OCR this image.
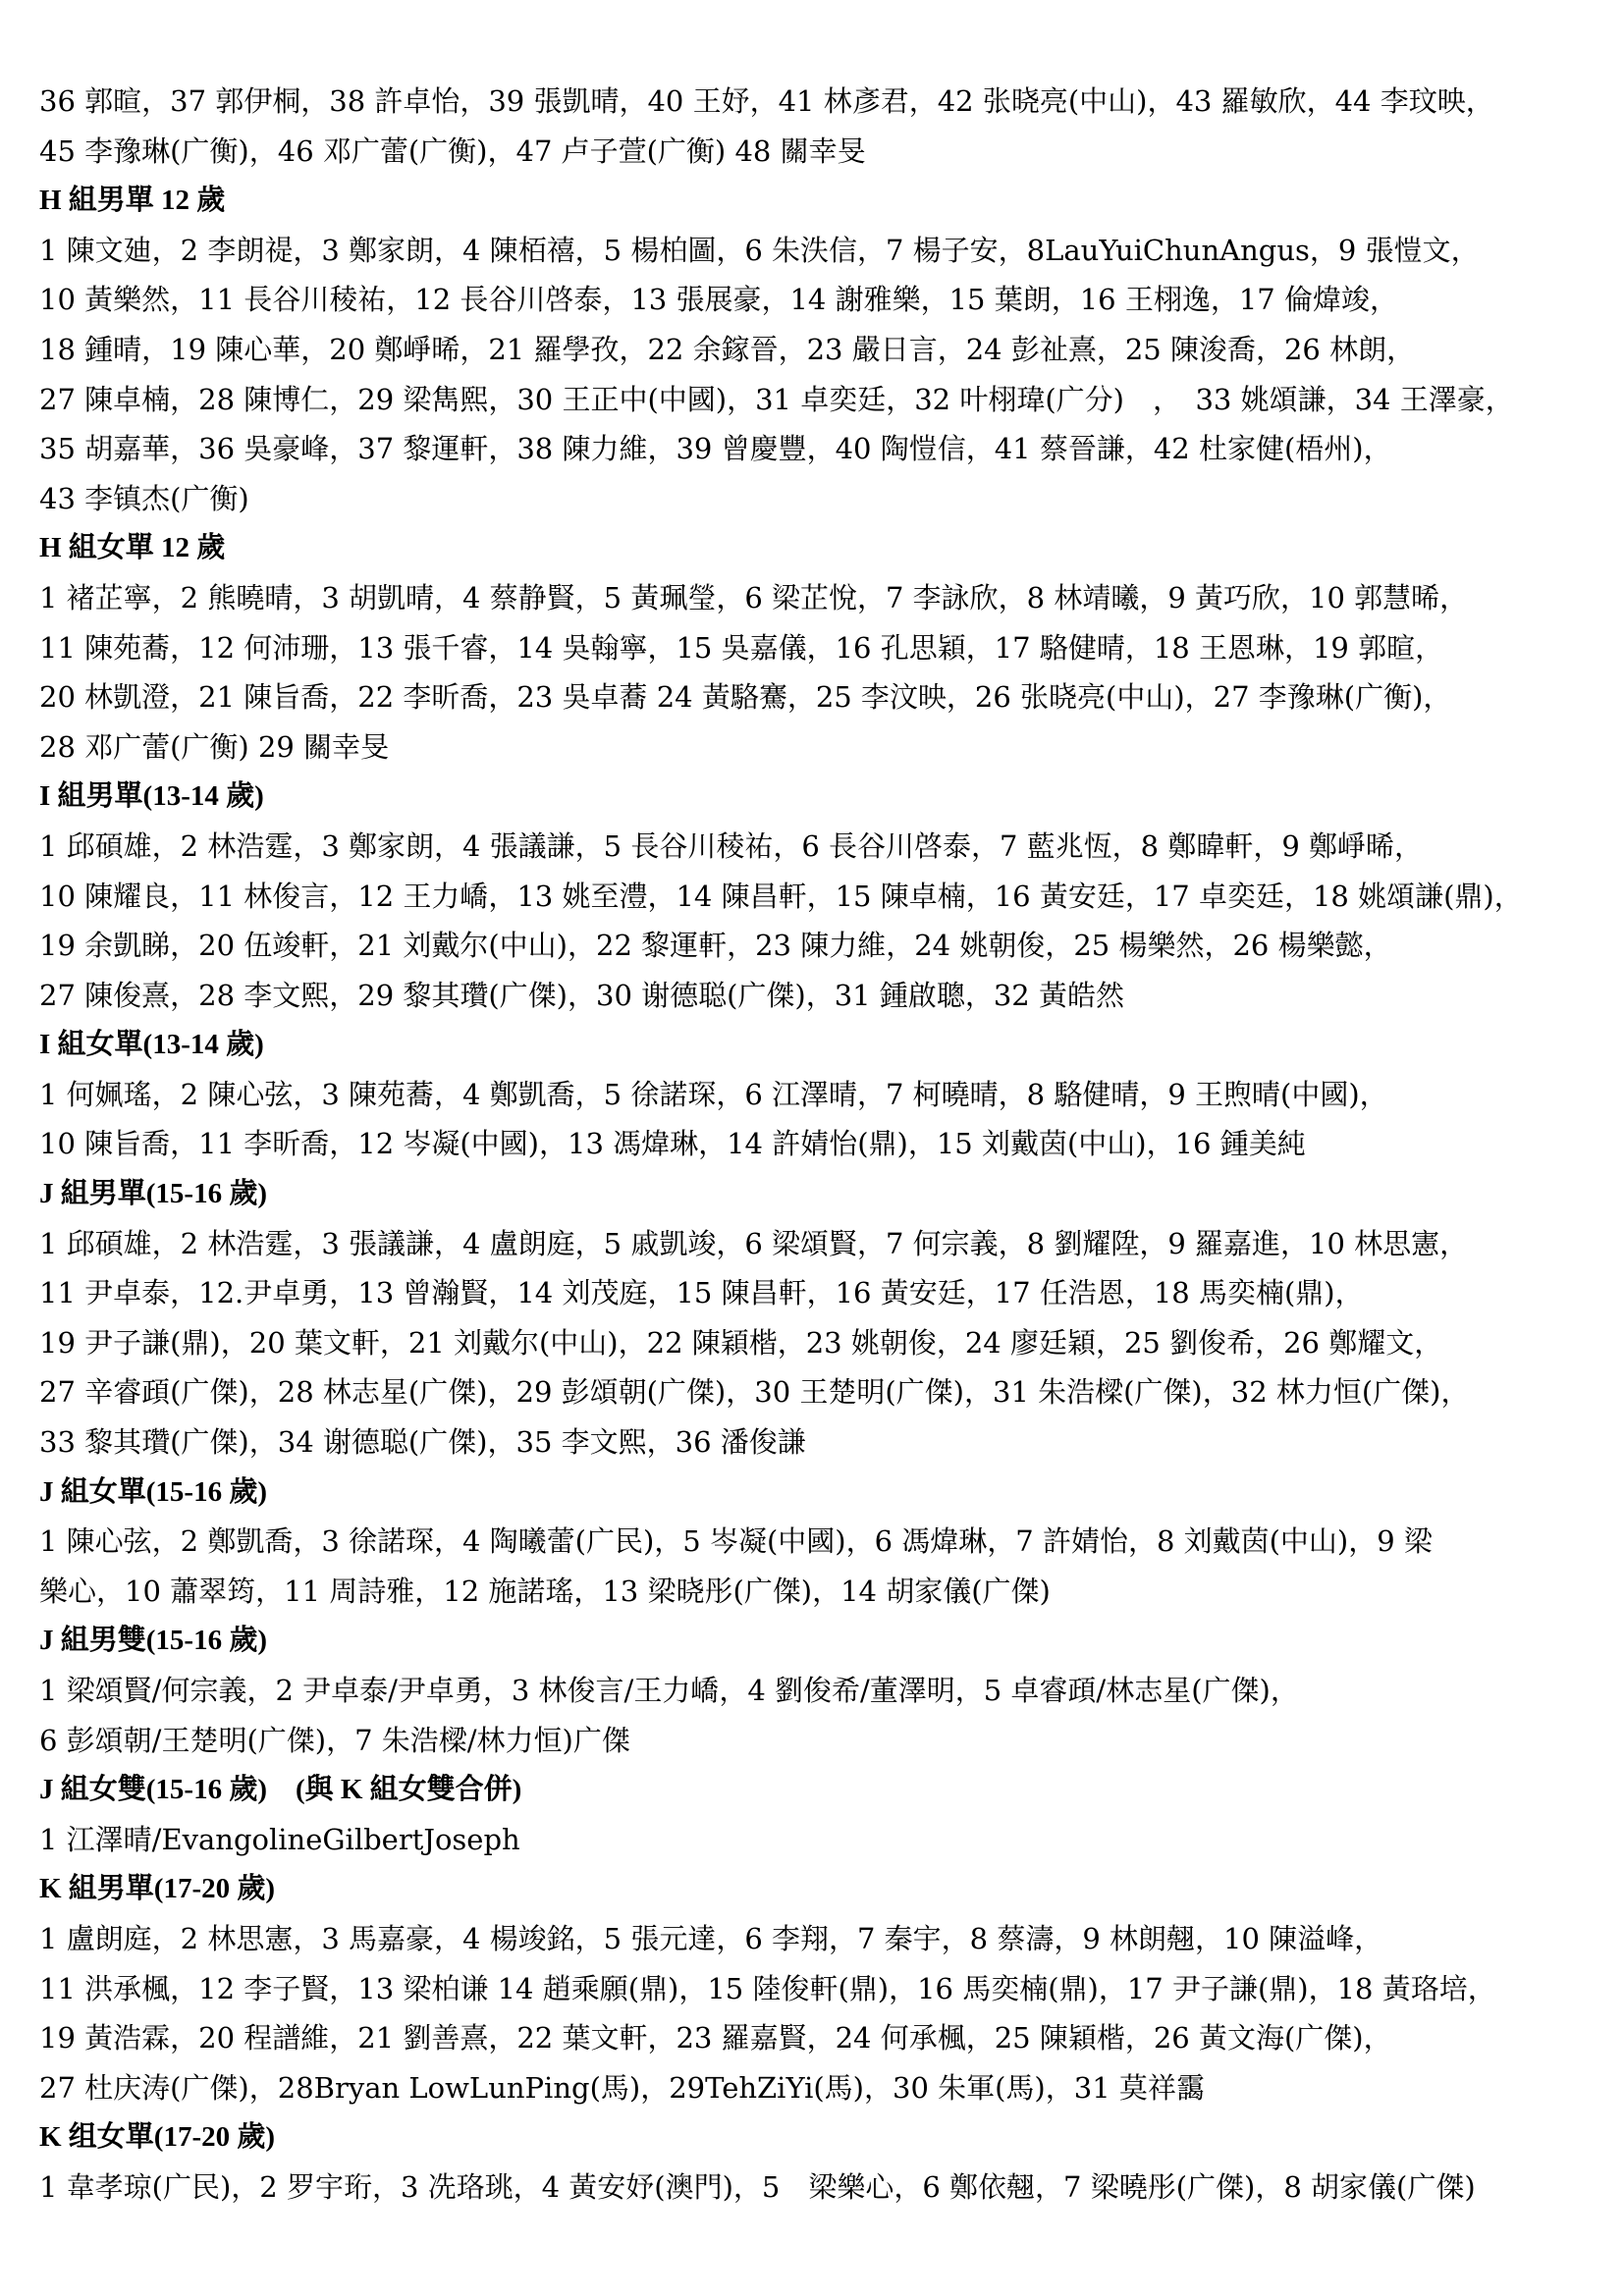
36 郭暄，37 郭伊桐，38 許卓怡，39 張凱晴，40 王妤，41 林彥君，42 张晓亮(中山)，43 羅敏欣，44 李玟映，
45 李豫琳(广衡)，46 邓广蕾(广衡)，47 卢子萱(广衡) 48 關幸旻
H 組男單 12 歲
1 陳文廸，2 李朗禔，3 鄭家朗，4 陳栢禧，5 楊柏圖，6 朱泆信，7 楊子安，8LauYuiChunAngus，9 張愷文，
10 黃樂然，11 長谷川稜祐，12 長谷川啓泰，13 張展豪，14 謝雅樂，15 葉朗，16 王栩逸，17 倫煒竣，
18 鍾晴，19 陳心華，20 鄭崢晞，21 羅學孜，22 余鎵晉，23 嚴日言，24 彭祉熹，25 陳浚喬，26 林朗，
27 陳卓楠，28 陳博仁，29 梁雋熙，30 王正中(中國)，31 卓奕廷，32 叶栩瑋(广分)　，　33 姚頌謙，34 王澤豪，
35 胡嘉華，36 吳豪峰，37 黎運軒，38 陳力維，39 曾慶豐，40 陶愷信，41 蔡晉謙，42 杜家健(梧州)，
43 李镇杰(广衡)
H 組女單 12 歲
1 褚芷寧，2 熊曉晴，3 胡凱晴，4 蔡静賢，5 黃珮瑩，6 梁芷悅，7 李詠欣，8 林靖曦，9 黃巧欣，10 郭慧晞，
11 陳苑蕎，12 何沛珊，13 張千睿，14 吳翰寧，15 吳嘉儀，16 孔思穎，17 駱健晴，18 王恩琳，19 郭暄，
20 林凱澄，21 陳旨喬，22 李昕喬，23 吳卓蕎 24 黃駱騫，25 李汶映，26 张晓亮(中山)，27 李豫琳(广衡)，
28 邓广蕾(广衡) 29 關幸旻
I 組男單(13-14 歲)
1 邱碩雄，2 林浩霆，3 鄭家朗，4 張議謙，5 長谷川稜祐，6 長谷川啓泰，7 藍兆恆，8 鄭暐軒，9 鄭崢晞，
10 陳耀良，11 林俊言，12 王力嶠，13 姚至澧，14 陳昌軒，15 陳卓楠，16 黃安廷，17 卓奕廷，18 姚頌謙(鼎)，
19 余凱睇，20 伍竣軒，21 刘戴尔(中山)，22 黎運軒，23 陳力維，24 姚朝俊，25 楊樂然，26 楊樂懿，
27 陳俊熹，28 李文熙，29 黎其瓚(广傑)，30 谢德聪(广傑)，31 鍾啟聰，32 黃皓然
I 組女單(13-14 歲)
1 何姵瑤，2 陳心弦，3 陳苑蕎，4 鄭凱喬，5 徐諾琛，6 江澤晴，7 柯曉晴，8 駱健晴，9 王煦晴(中國)，
10 陳旨喬，11 李昕喬，12 岑凝(中國)，13 馮煒琳，14 許婧怡(鼎)，15 刘戴茵(中山)，16 鍾美純
J 組男單(15-16 歲)
1 邱碩雄，2 林浩霆，3 張議謙，4 盧朗庭，5 戚凱竣，6 梁頌賢，7 何宗義，8 劉耀陞，9 羅嘉進，10 林思憲，
11 尹卓泰，12.尹卓勇，13 曾瀚賢，14 刘茂庭，15 陳昌軒，16 黃安廷，17 任浩恩，18 馬奕楠(鼎)，
19 尹子謙(鼎)，20 葉文軒，21 刘戴尔(中山)，22 陳穎楷，23 姚朝俊，24 廖廷穎，25 劉俊希，26 鄭耀文，
27 辛睿頙(广傑)，28 林志星(广傑)，29 彭頌朝(广傑)，30 王楚明(广傑)，31 朱浩樑(广傑)，32 林力恒(广傑)，
33 黎其瓚(广傑)，34 谢德聪(广傑)，35 李文熙，36 潘俊謙
J 組女單(15-16 歲)
1 陳心弦，2 鄭凱喬，3 徐諾琛，4 陶曦蕾(广民)，5 岑凝(中國)，6 馮煒琳，7 許婧怡，8 刘戴茵(中山)，9 梁
樂心，10 蕭翠筠，11 周詩雅，12 施諾瑤，13 梁晓彤(广傑)，14 胡家儀(广傑)
J 組男雙(15-16 歲)
1 梁頌賢/何宗義，2 尹卓泰/尹卓勇，3 林俊言/王力嶠，4 劉俊希/董澤明，5 卓睿頙/林志星(广傑)，
6 彭頌朝/王楚明(广傑)，7 朱浩樑/林力恒)广傑
J 組女雙(15-16 歲)　(與 K 組女雙合併)
1 江澤晴/EvangolineGilbertJoseph
K 組男單(17-20 歲)
1 盧朗庭，2 林思憲，3 馬嘉豪，4 楊竣銘，5 張元達，6 李翔，7 秦宇，8 蔡濤，9 林朗翹，10 陳溢峰，
11 洪承楓，12 李子賢，13 梁柏谦 14 趙乘願(鼎)，15 陸俊軒(鼎)，16 馬奕楠(鼎)，17 尹子謙(鼎)，18 黃珞培，
19 黃浩霖，20 程譜維，21 劉善熹，22 葉文軒，23 羅嘉賢，24 何承楓，25 陳穎楷，26 黃文海(广傑)，
27 杜庆涛(广傑)，28Bryan LowLunPing(馬)，29TehZiYi(馬)，30 朱軍(馬)，31 莫祥靄
K 组女單(17-20 歲)
1 韋孝琼(广民)，2 罗宇珩，3 冼珞珧，4 黃安妤(澳門)，5　梁樂心，6 鄭依翹，7 梁曉彤(广傑)，8 胡家儀(广傑)
